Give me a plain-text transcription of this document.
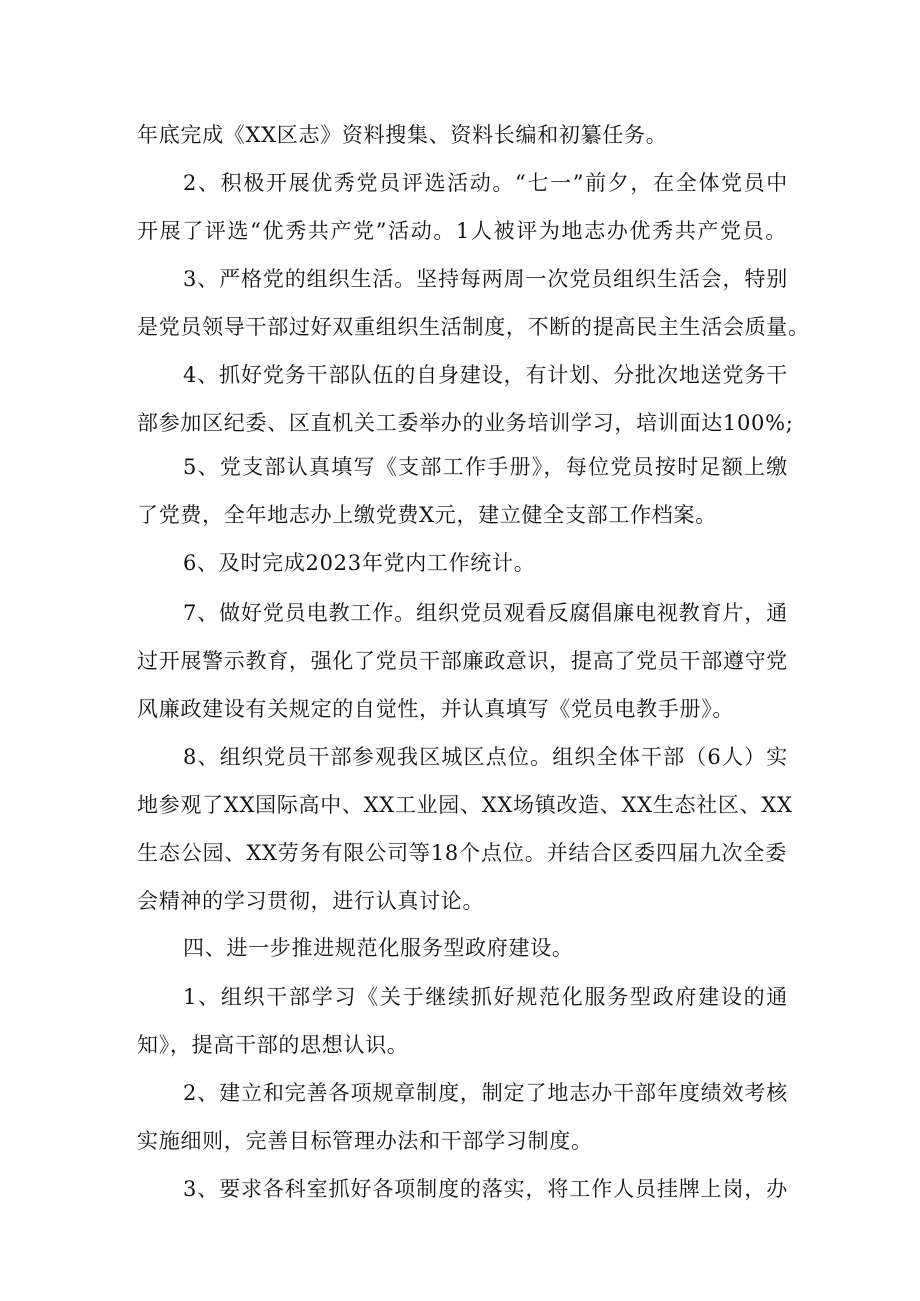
年底完成《XX区志》资料搜集、资料长编和初纂任务。

2、积极开展优秀党员评选活动。“七一”前夕，在全体党员中

开展了评选“优秀共产党”活动。1人被评为地志办优秀共产党员。

3、严格党的组织生活。坚持每两周一次党员组织生活会，特别

是党员领导干部过好双重组织生活制度，不断的提高民主生活会质量。

4、抓好党务干部队伍的自身建设，有计划、分批次地送党务干

部参加区纪委、区直机关工委举办的业务培训学习，培训面达100%;

5、党支部认真填写《支部工作手册》，每位党员按时足额上缴

了党费，全年地志办上缴党费X元，建立健全支部工作档案。

6、及时完成2023年党内工作统计。

7、做好党员电教工作。组织党员观看反腐倡廉电视教育片，通

过开展警示教育，强化了党员干部廉政意识，提高了党员干部遵守党

风廉政建设有关规定的自觉性，并认真填写《党员电教手册》。

8、组织党员干部参观我区城区点位。组织全体干部（6人）实

地参观了XX国际高中、XX工业园、XX场镇改造、XX生态社区、XX

生态公园、XX劳务有限公司等18个点位。并结合区委四届九次全委

会精神的学习贯彻，进行认真讨论。

四、进一步推进规范化服务型政府建设。

1、组织干部学习《关于继续抓好规范化服务型政府建设的通

知》，提高干部的思想认识。

2、建立和完善各项规章制度，制定了地志办干部年度绩效考核

实施细则，完善目标管理办法和干部学习制度。

3、要求各科室抓好各项制度的落实，将工作人员挂牌上岗，办
